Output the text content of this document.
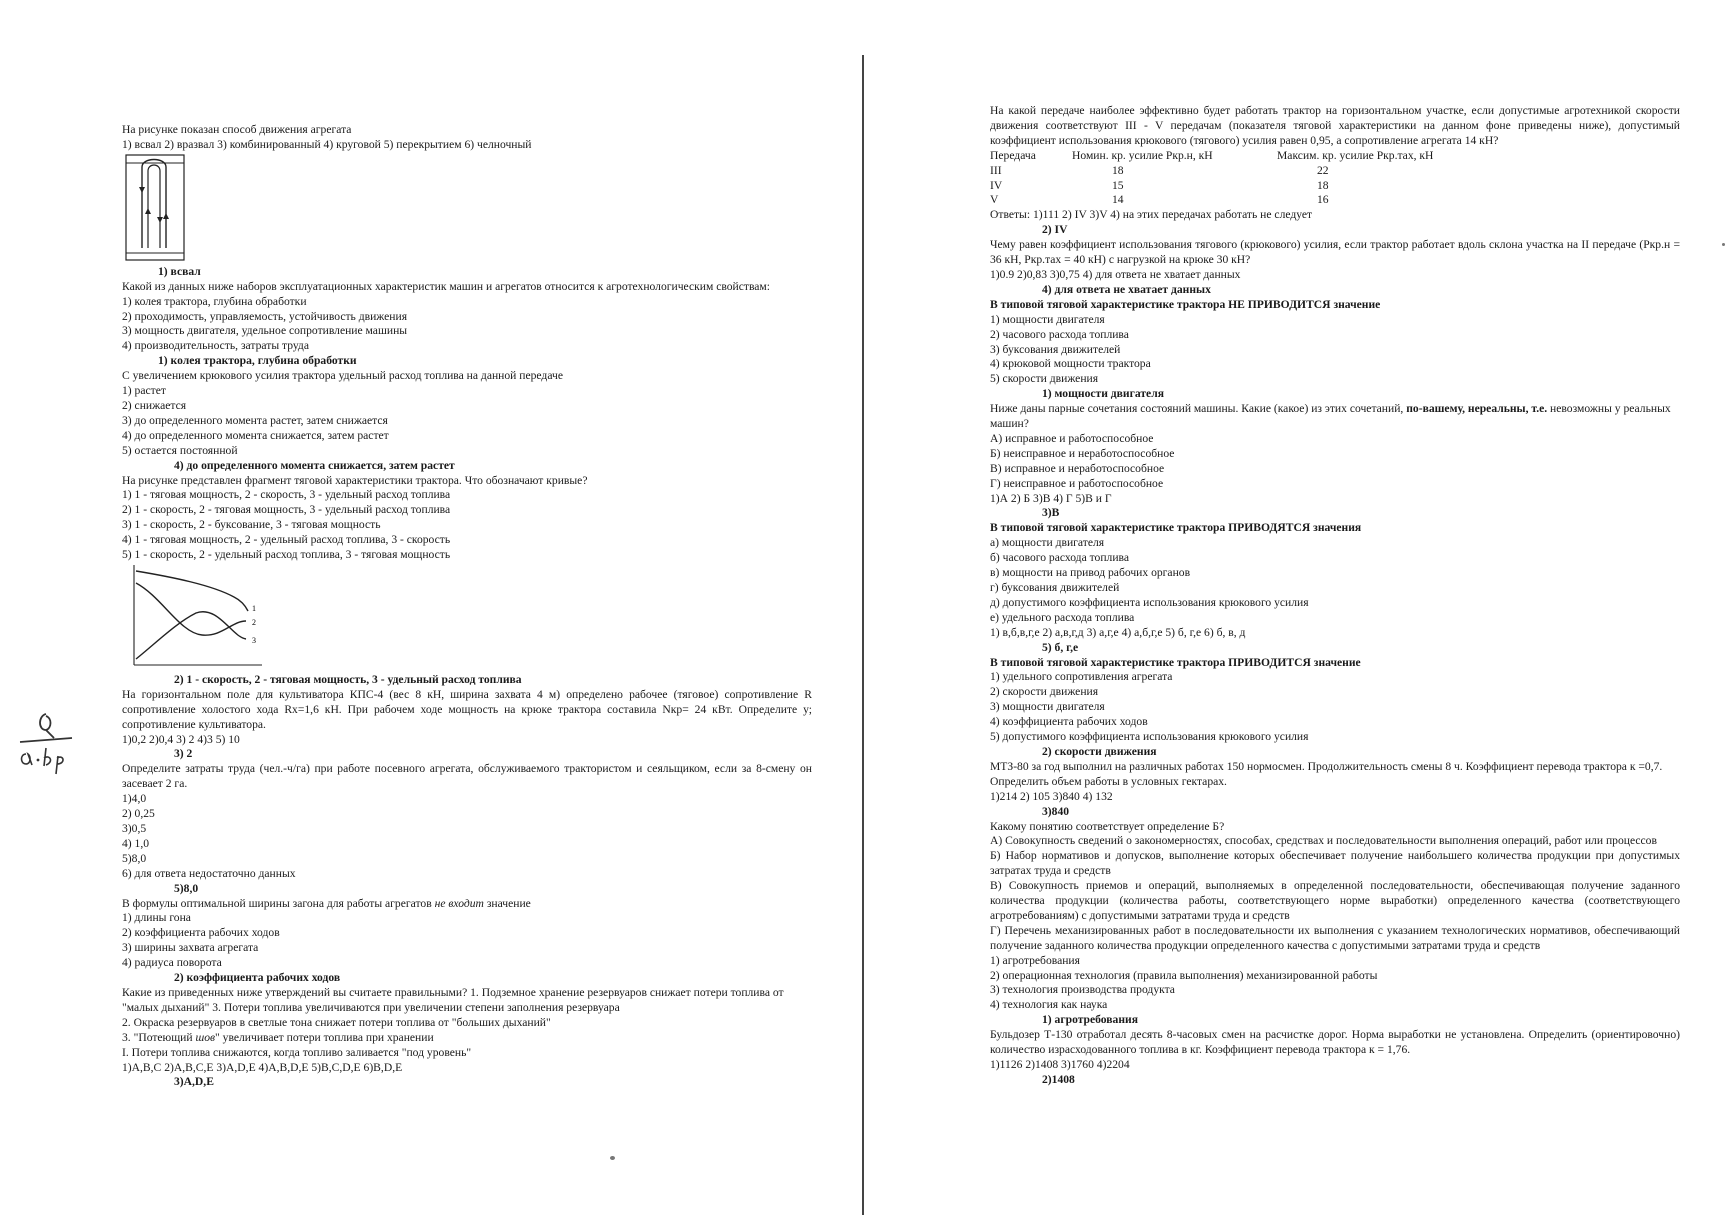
На рисунке показан способ движения агрегата
1) всвал 2) вразвал 3) комбинированный 4) круговой 5) перекрытием 6) челночный
1) всвал
Какой из данных ниже наборов эксплуатационных характеристик машин и агрегатов относится к агротехнологическим свойствам:
1) колея трактора, глубина обработки
2) проходимость, управляемость, устойчивость движения
3) мощность двигателя, удельное сопротивление машины
4) производительность, затраты труда
1) колея трактора, глубина обработки
С увеличением крюкового усилия трактора удельный расход топлива на данной передаче
1) растет
2) снижается
3) до определенного момента растет, затем снижается
4) до определенного момента снижается, затем растет
5) остается постоянной
4) до определенного момента снижается, затем растет
На рисунке представлен фрагмент тяговой характеристики трактора. Что обозначают кривые?
1) 1 - тяговая мощность, 2 - скорость, 3 - удельный расход топлива
2) 1 - скорость, 2 - тяговая мощность, 3 - удельный расход топлива
3) 1 - скорость, 2 - буксование, 3 - тяговая мощность
4) 1 - тяговая мощность, 2 - удельный расход топлива, 3 - скорость
5) 1 - скорость, 2 - удельный расход топлива, 3 - тяговая мощность
1
2
3
2) 1 - скорость, 2 - тяговая мощность, 3 - удельный расход топлива
На горизонтальном поле для культиватора КПС-4 (вес 8 кН, ширина захвата 4 м) определено рабочее (тяговое) сопротивление R сопротивление холостого хода Rх=1,6 кН. При рабочем ходе мощность на крюке трактора составила Nкр= 24 кВт. Определите у; сопротивление культиватора.
1)0,2 2)0,4 3) 2 4)3 5) 10
3) 2
Определите затраты труда (чел.-ч/га) при работе посевного агрегата, обслуживаемого трактористом и сеяльщиком, если за 8-смену он засевает 2 га.
1)4,0
2) 0,25
3)0,5
4) 1,0
5)8,0
6) для ответа недостаточно данных
5)8,0
В формулы оптимальной ширины загона для работы агрегатов не входит значение
1) длины гона
2) коэффициента рабочих ходов
3) ширины захвата агрегата
4) радиуса поворота
2) коэффициента рабочих ходов
Какие из приведенных ниже утверждений вы считаете правильными? 1. Подземное хранение резервуаров снижает потери топлива от "малых дыханий" 3. Потери топлива увеличиваются при увеличении степени заполнения резервуара
2. Окраска резервуаров в светлые тона снижает потери топлива от "больших дыханий"
3. "Потеющий шов" увеличивает потери топлива при хранении
I. Потери топлива снижаются, когда топливо заливается "под уровень"
1)А,В,С 2)А,В,С,Е 3)А,D,Е 4)А,В,D,Е 5)В,С,D,Е 6)В,D,Е
3)А,D,Е
На какой передаче наиболее эффективно будет работать трактор на горизонтальном участке, если допустимые агротехникой скорости движения соответствуют III - V передачам (показателя тяговой характеристики на данном фоне приведены ниже), допустимый коэффициент использования крюкового (тягового) усилия равен 0,95, а сопротивление агрегата 14 кН?
Передача	Номин. кр. усилие Ркр.н, кН	Максим. кр. усилие Ркр.тах, кН
III	18	22
IV	15	18
V	14	16
Ответы: 1)111 2) IV 3)V 4) на этих передачах работать не следует
2) IV
Чему равен коэффициент использования тягового (крюкового) усилия, если трактор работает вдоль склона участка на II передаче (Ркр.н = 36 кН, Ркр.тах = 40 кН) с нагрузкой на крюке 30 кН?
1)0.9 2)0,83 3)0,75 4) для ответа не хватает данных
4) для ответа не хватает данных
В типовой тяговой характеристике трактора НЕ ПРИВОДИТСЯ значение
1) мощности двигателя
2) часового расхода топлива
3) буксования движителей
4) крюковой мощности трактора
5) скорости движения
1) мощности двигателя
Ниже даны парные сочетания состояний машины. Какие (какое) из этих сочетаний, по-вашему, нереальны, т.е. невозможны у реальных машин?
А) исправное и работоспособное
Б) неисправное и неработоспособное
В) исправное и неработоспособное
Г) неисправное и работоспособное
1)А 2) Б 3)В 4) Г 5)В и Г
3)В
В типовой тяговой характеристике трактора ПРИВОДЯТСЯ значения
а) мощности двигателя
б) часового расхода топлива
в) мощности на привод рабочих органов
г) буксования движителей
д) допустимого коэффициента использования крюкового усилия
е) удельного расхода топлива
1) в,б,в,г,е 2) а,в,г,д 3) а,г,е 4) а,б,г,е 5) б, г,е 6) б, в, д
5) б, г,е
В типовой тяговой характеристике трактора ПРИВОДИТСЯ значение
1) удельного сопротивления агрегата
2) скорости движения
3) мощности двигателя
4) коэффициента рабочих ходов
5) допустимого коэффициента использования крюкового усилия
2) скорости движения
МТЗ-80 за год выполнил на различных работах 150 нормосмен. Продолжительность смены 8 ч. Коэффициент перевода трактора к =0,7.
Определить объем работы в условных гектарах.
1)214 2) 105 3)840 4) 132
3)840
Какому понятию соответствует определение Б?
А) Совокупность сведений о закономерностях, способах, средствах и последовательности выполнения операций, работ или процессов
Б) Набор нормативов и допусков, выполнение которых обеспечивает получение наибольшего количества продукции при допустимых затратах труда и средств
В) Совокупность приемов и операций, выполняемых в определенной последовательности, обеспечивающая получение заданного количества продукции (количества работы, соответствующего норме выработки) определенного качества (соответствующего агротребованиям) с допустимыми затратами труда и средств
Г) Перечень механизированных работ в последовательности их выполнения с указанием технологических нормативов, обеспечивающий получение заданного количества продукции определенного качества с допустимыми затратами труда и средств
1) агротребования
2) операционная технология (правила выполнения) механизированной работы
3) технология производства продукта
4) технология как наука
1) агротребования
Бульдозер Т-130 отработал десять 8-часовых смен на расчистке дорог. Норма выработки не установлена. Определить (ориентировочно) количество израсходованного топлива в кг. Коэффициент перевода трактора к = 1,76.
1)1126 2)1408 3)1760 4)2204
2)1408
